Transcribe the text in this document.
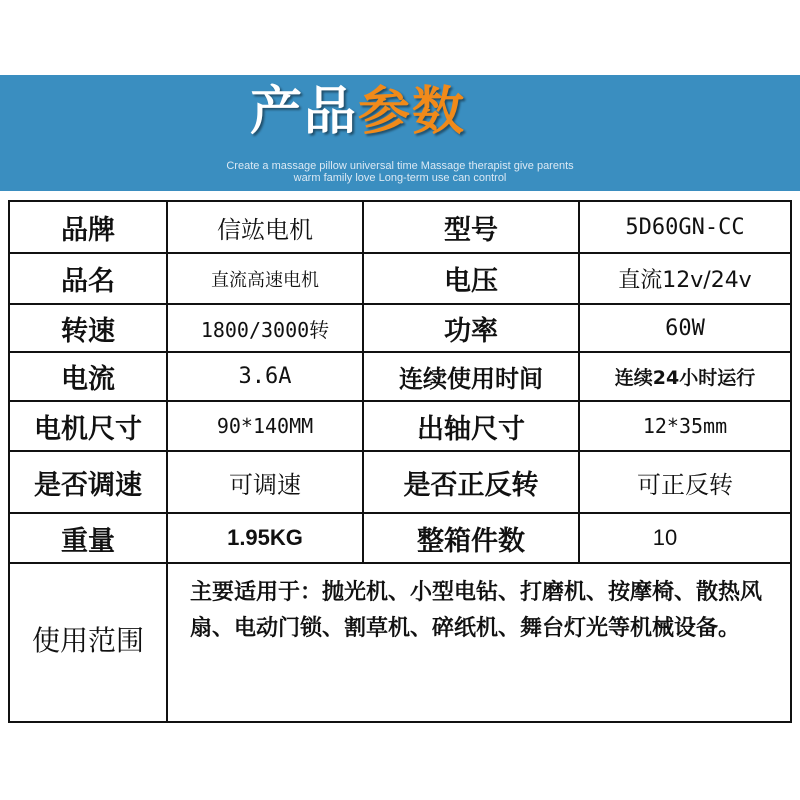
产品参数
Create a massage pillow universal time Massage therapist give parents
warm family love Long-term use can control
品牌	信竑电机	型号	5D60GN-CC
品名	直流高速电机	电压	直流12v/24v
转速	1800/3000转	功率	60W
电流	3.6A	连续使用时间	连续24小时运行
电机尺寸	90*140MM	出轴尺寸	12*35mm
是否调速	可调速	是否正反转	可正反转
重量	1.95KG	整箱件数	10
使用范围
主要适用于：抛光机、小型电钻、打磨机、按摩椅、散热风扇、电动门锁、割草机、碎纸机、舞台灯光等机械设备。
